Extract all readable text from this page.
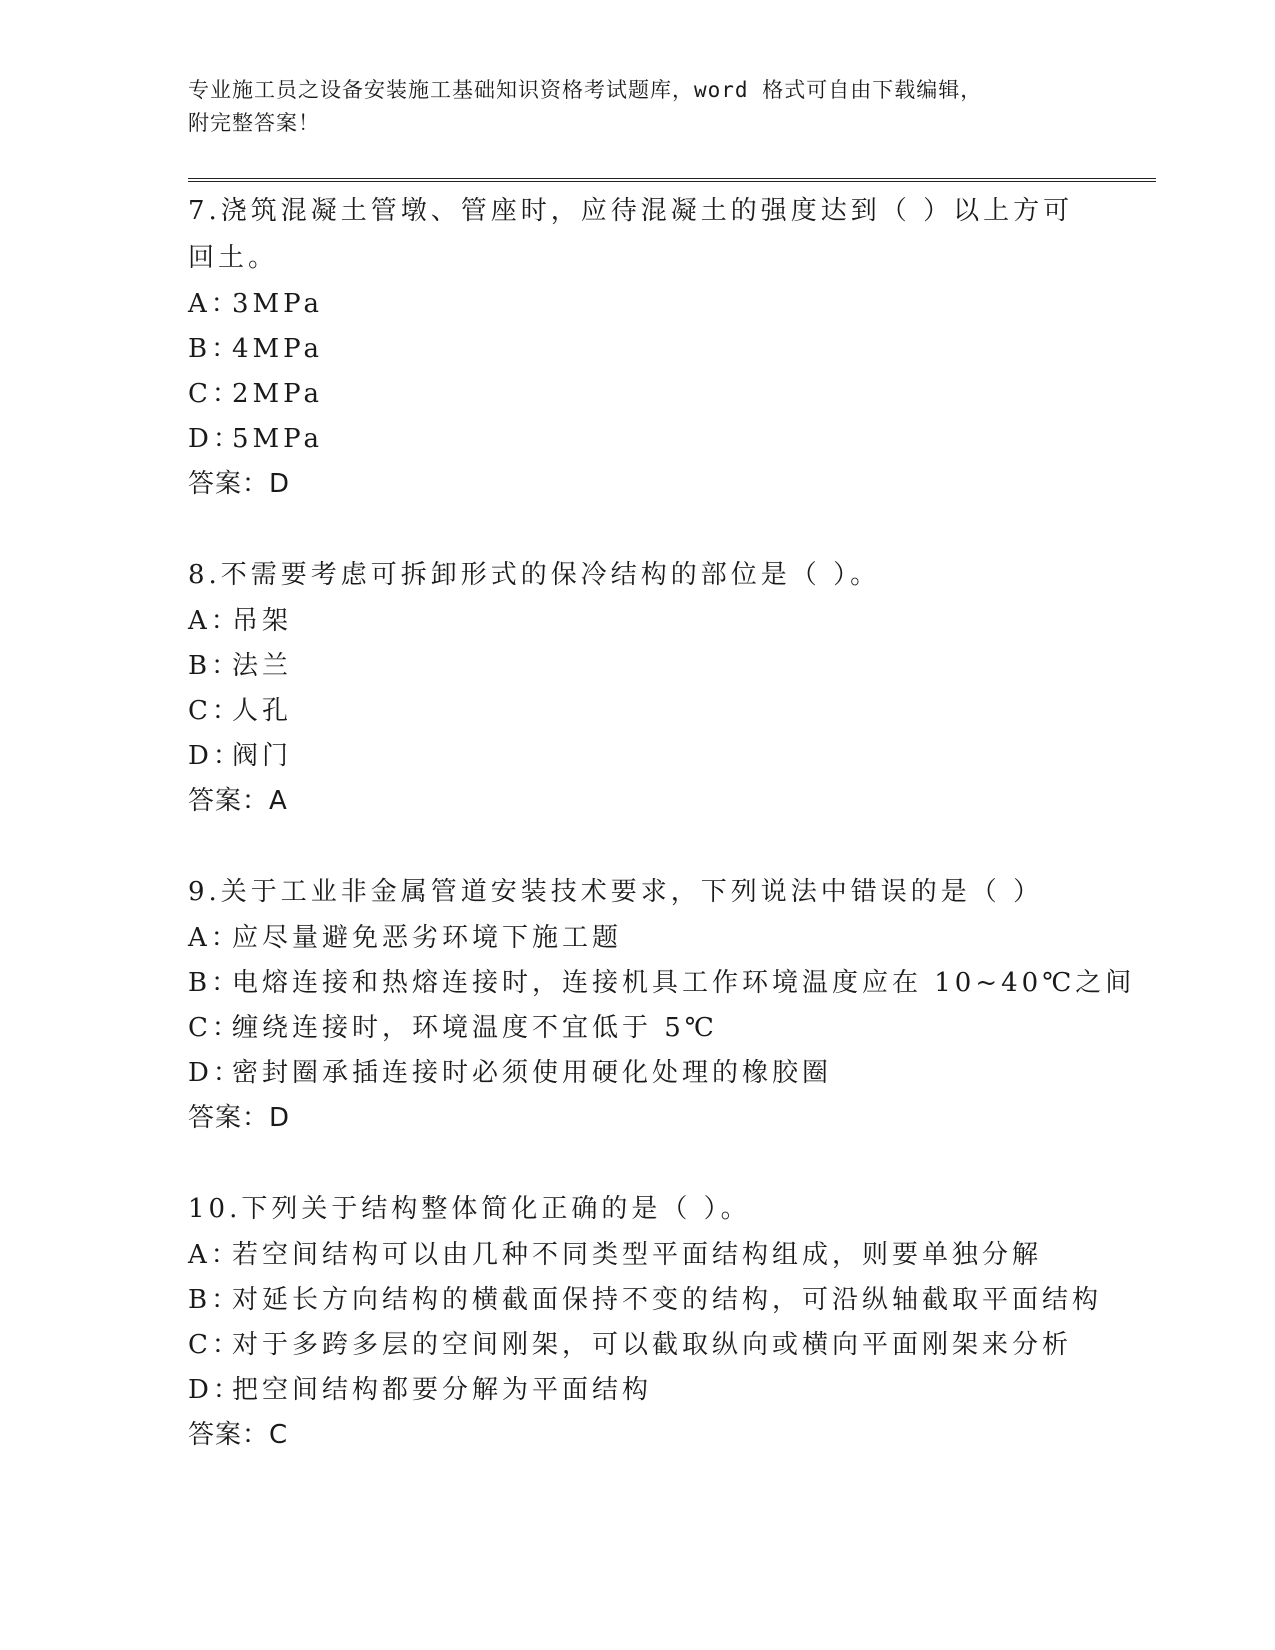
专业施工员之设备安装施工基础知识资格考试题库，word 格式可自由下载编辑，
附完整答案！

7.浇筑混凝土管墩、管座时，应待混凝土的强度达到（ ）以上方可回土。

A：3MPa

B：4MPa

C：2MPa

D：5MPa

答案：D

8.不需要考虑可拆卸形式的保冷结构的部位是（ ）。

A：吊架

B：法兰

C：人孔

D：阀门

答案：A

9.关于工业非金属管道安装技术要求，下列说法中错误的是（ ）

A：应尽量避免恶劣环境下施工题

B：电熔连接和热熔连接时，连接机具工作环境温度应在 10~40℃之间

C：缠绕连接时，环境温度不宜低于 5℃

D：密封圈承插连接时必须使用硬化处理的橡胶圈

答案：D

10.下列关于结构整体简化正确的是（ ）。

A：若空间结构可以由几种不同类型平面结构组成，则要单独分解

B：对延长方向结构的横截面保持不变的结构，可沿纵轴截取平面结构

C：对于多跨多层的空间刚架，可以截取纵向或横向平面刚架来分析

D：把空间结构都要分解为平面结构

答案：C
